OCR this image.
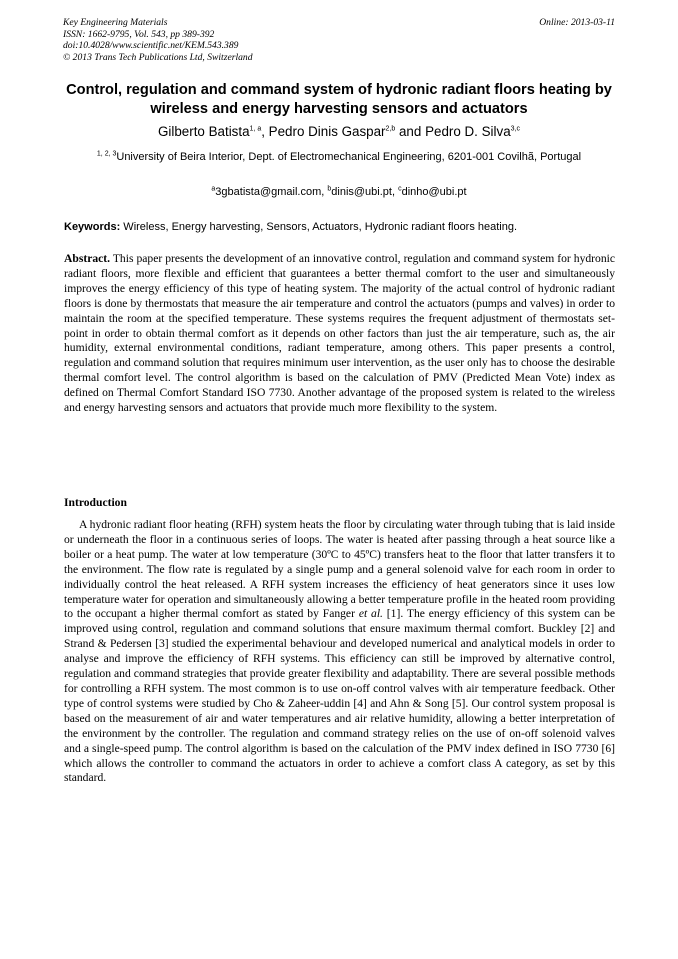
Key Engineering Materials
ISSN: 1662-9795, Vol. 543, pp 389-392
doi:10.4028/www.scientific.net/KEM.543.389
© 2013 Trans Tech Publications Ltd, Switzerland
Online: 2013-03-11
Control, regulation and command system of hydronic radiant floors heating by wireless and energy harvesting sensors and actuators
Gilberto Batista$^{1, a}$, Pedro Dinis Gaspar$^{2,b}$ and Pedro D. Silva$^{3,c}$
$^{1, 2, 3}$University of Beira Interior, Dept. of Electromechanical Engineering, 6201-001 Covilhã, Portugal
$^a$3gbatista@gmail.com, $^b$dinis@ubi.pt, $^c$dinho@ubi.pt
Keywords: Wireless, Energy harvesting, Sensors, Actuators, Hydronic radiant floors heating.
Abstract. This paper presents the development of an innovative control, regulation and command system for hydronic radiant floors, more flexible and efficient that guarantees a better thermal comfort to the user and simultaneously improves the energy efficiency of this type of heating system. The majority of the actual control of hydronic radiant floors is done by thermostats that measure the air temperature and control the actuators (pumps and valves) in order to maintain the room at the specified temperature. These systems requires the frequent adjustment of thermostats set-point in order to obtain thermal comfort as it depends on other factors than just the air temperature, such as, the air humidity, external environmental conditions, radiant temperature, among others. This paper presents a control, regulation and command solution that requires minimum user intervention, as the user only has to choose the desirable thermal comfort level. The control algorithm is based on the calculation of PMV (Predicted Mean Vote) index as defined on Thermal Comfort Standard ISO 7730. Another advantage of the proposed system is related to the wireless and energy harvesting sensors and actuators that provide much more flexibility to the system.
Introduction
A hydronic radiant floor heating (RFH) system heats the floor by circulating water through tubing that is laid inside or underneath the floor in a continuous series of loops. The water is heated after passing through a heat source like a boiler or a heat pump. The water at low temperature (30ºC to 45ºC) transfers heat to the floor that latter transfers it to the environment. The flow rate is regulated by a single pump and a general solenoid valve for each room in order to individually control the heat released. A RFH system increases the efficiency of heat generators since it uses low temperature water for operation and simultaneously allowing a better temperature profile in the heated room providing to the occupant a higher thermal comfort as stated by Fanger et al. [1]. The energy efficiency of this system can be improved using control, regulation and command solutions that ensure maximum thermal comfort. Buckley [2] and Strand & Pedersen [3] studied the experimental behaviour and developed numerical and analytical models in order to analyse and improve the efficiency of RFH systems. This efficiency can still be improved by alternative control, regulation and command strategies that provide greater flexibility and adaptability. There are several possible methods for controlling a RFH system. The most common is to use on-off control valves with air temperature feedback. Other type of control systems were studied by Cho & Zaheer-uddin [4] and Ahn & Song [5]. Our control system proposal is based on the measurement of air and water temperatures and air relative humidity, allowing a better interpretation of the environment by the controller. The regulation and command strategy relies on the use of on-off solenoid valves and a single-speed pump. The control algorithm is based on the calculation of the PMV index defined in ISO 7730 [6] which allows the controller to command the actuators in order to achieve a comfort class A category, as set by this standard.
